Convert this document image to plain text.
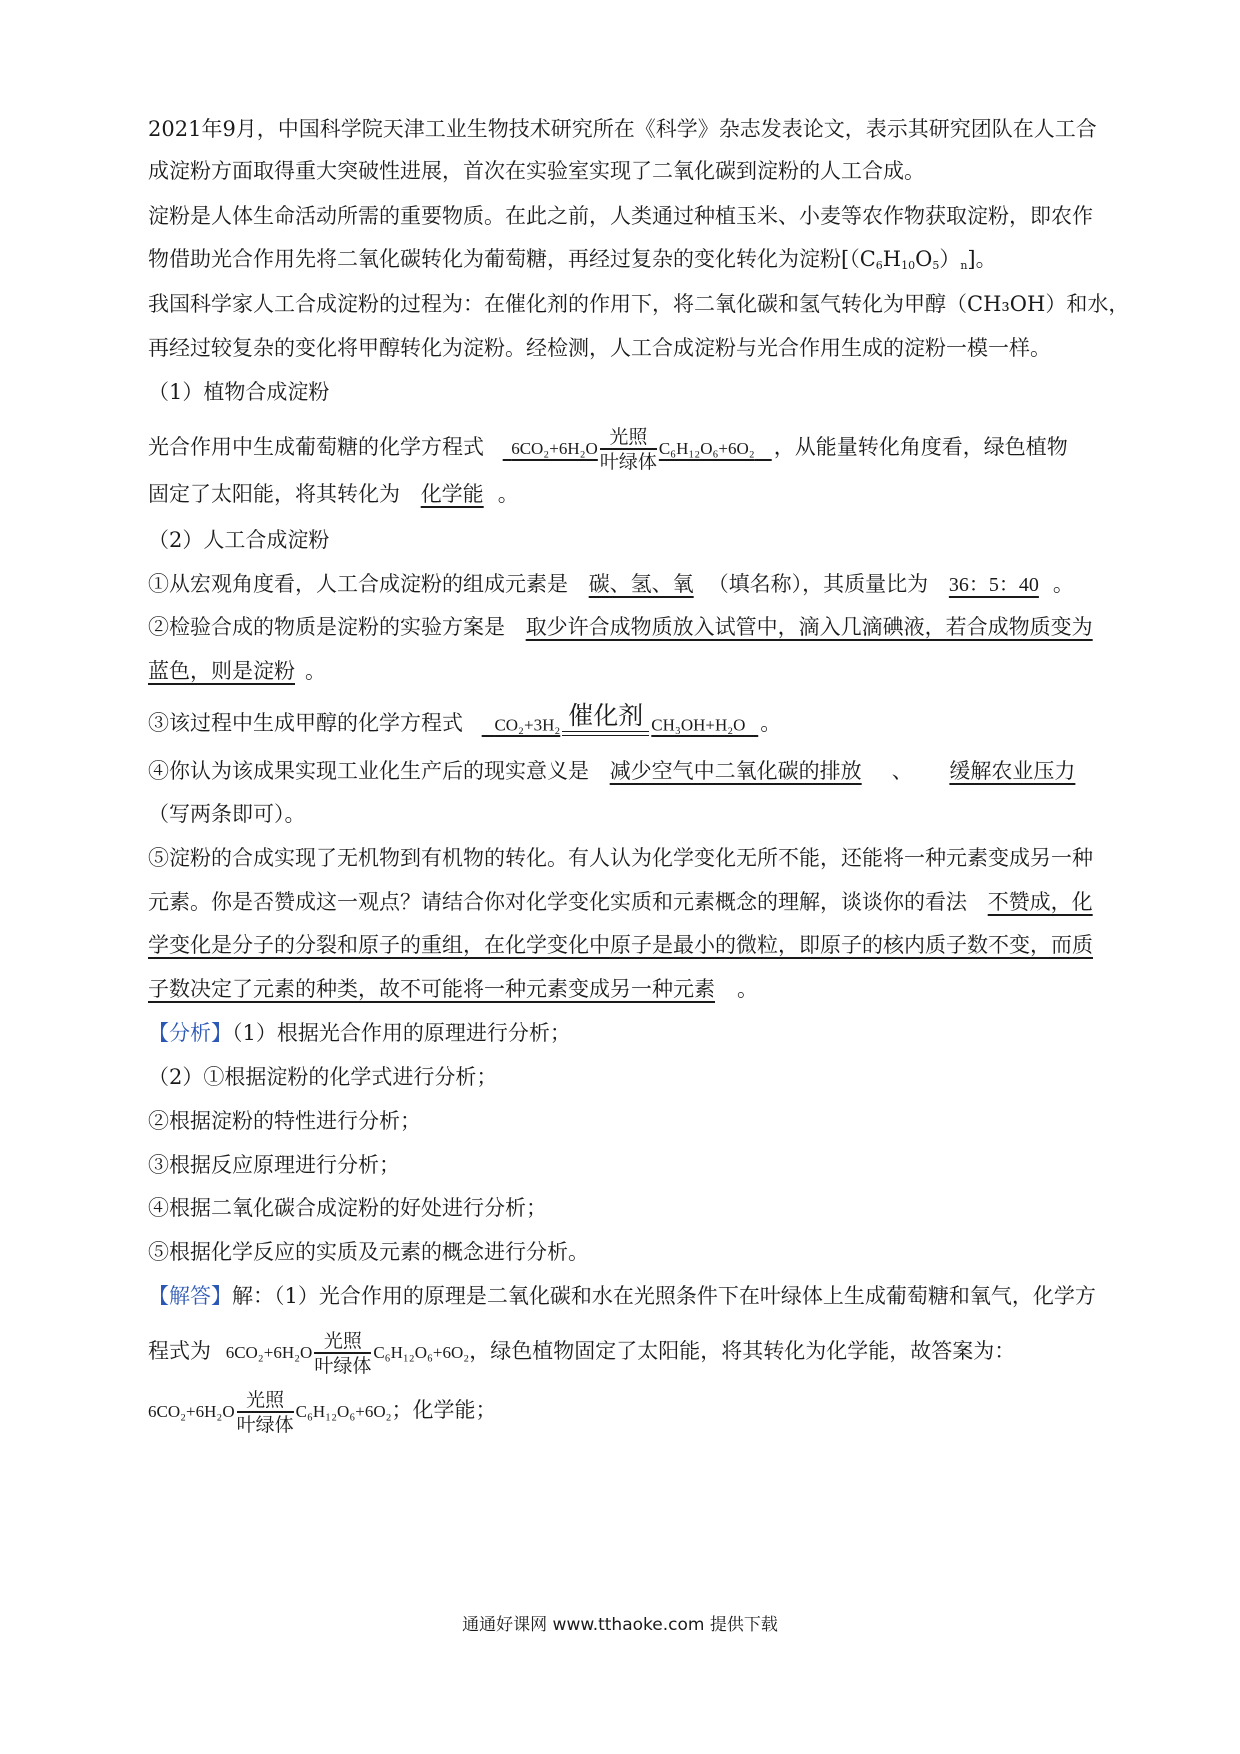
2021年9月，中国科学院天津工业生物技术研究所在《科学》杂志发表论文，表示其研究团队在人工合
成淀粉方面取得重大突破性进展，首次在实验室实现了二氧化碳到淀粉的人工合成。
淀粉是人体生命活动所需的重要物质。在此之前，人类通过种植玉米、小麦等农作物获取淀粉，即农作
物借助光合作用先将二氧化碳转化为葡萄糖，再经过复杂的变化转化为淀粉$[(C_6H_{10}O_5)_n]$。
我国科学家人工合成淀粉的过程为：在催化剂的作用下，将二氧化碳和氢气转化为甲醇（CH₃OH）和水，
再经过较复杂的变化将甲醇转化为淀粉。经检测，人工合成淀粉与光合作用生成的淀粉一模一样。
（1）植物合成淀粉
光合作用中生成葡萄糖的化学方程式 6CO₂+6H₂O
光照
叶绿体
C₆H₁₂O₆+6O₂ ，从能量转化角度看，绿色植物
固定了太阳能，将其转化为 化学能 。
（2）人工合成淀粉
①从宏观角度看，人工合成淀粉的组成元素是 碳、氢、氧 （填名称），其质量比为 36：5：40 。
②检验合成的物质是淀粉的实验方案是 取少许合成物质放入试管中，滴入几滴碘液，若合成物质变为
蓝色，则是淀粉 。
③该过程中生成甲醇的化学方程式 CO₂+3H₂ 催化剂 CH₃OH+H₂O 。
④你认为该成果实现工业化生产后的现实意义是 减少空气中二氧化碳的排放 、 缓解农业压力
（写两条即可）。
⑤淀粉的合成实现了无机物到有机物的转化。有人认为化学变化无所不能，还能将一种元素变成另一种
元素。你是否赞成这一观点？请结合你对化学变化实质和元素概念的理解，谈谈你的看法 不赞成，化
学变化是分子的分裂和原子的重组，在化学变化中原子是最小的微粒，即原子的核内质子数不变，而质
子数决定了元素的种类，故不可能将一种元素变成另一种元素 。
【分析】（1）根据光合作用的原理进行分析；
（2）①根据淀粉的化学式进行分析；
②根据淀粉的特性进行分析；
③根据反应原理进行分析；
④根据二氧化碳合成淀粉的好处进行分析；
⑤根据化学反应的实质及元素的概念进行分析。
【解答】解：（1）光合作用的原理是二氧化碳和水在光照条件下在叶绿体上生成葡萄糖和氧气，化学方
程式为 6CO₂+6H₂O
光照
叶绿体
C₆H₁₂O₆+6O₂，绿色植物固定了太阳能，将其转化为化学能，故答案为：
6CO₂+6H₂O
光照
叶绿体
C₆H₁₂O₆+6O₂；化学能；
通通好课网 www.tthaoke.com 提供下载
